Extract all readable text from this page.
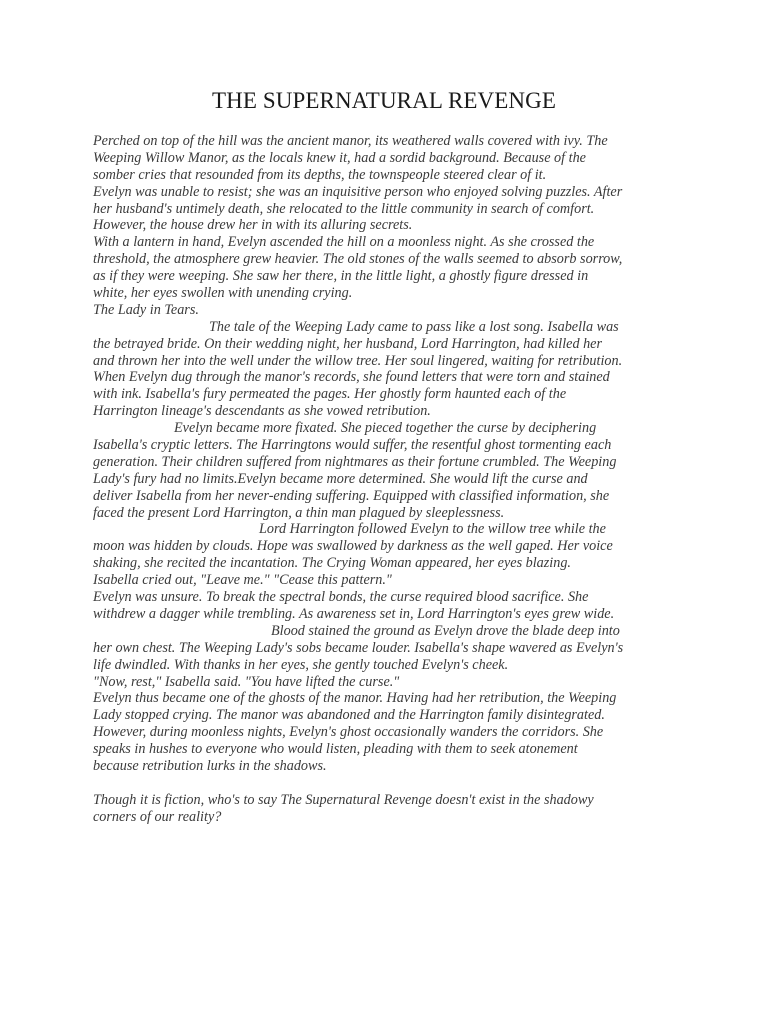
THE SUPERNATURAL REVENGE
Perched on top of the hill was the ancient manor, its weathered walls covered with ivy. The
Weeping Willow Manor, as the locals knew it, had a sordid background. Because of the
somber cries that resounded from its depths, the townspeople steered clear of it.
Evelyn was unable to resist; she was an inquisitive person who enjoyed solving puzzles. After
her husband's untimely death, she relocated to the little community in search of comfort.
However, the house drew her in with its alluring secrets.
With a lantern in hand, Evelyn ascended the hill on a moonless night. As she crossed the
threshold, the atmosphere grew heavier. The old stones of the walls seemed to absorb sorrow,
as if they were weeping. She saw her there, in the little light, a ghostly figure dressed in
white, her eyes swollen with unending crying.
The Lady in Tears.
The tale of the Weeping Lady came to pass like a lost song. Isabella was
the betrayed bride. On their wedding night, her husband, Lord Harrington, had killed her
and thrown her into the well under the willow tree. Her soul lingered, waiting for retribution.
When Evelyn dug through the manor's records, she found letters that were torn and stained
with ink. Isabella's fury permeated the pages. Her ghostly form haunted each of the
Harrington lineage's descendants as she vowed retribution.
Evelyn became more fixated. She pieced together the curse by deciphering
Isabella's cryptic letters. The Harringtons would suffer, the resentful ghost tormenting each
generation. Their children suffered from nightmares as their fortune crumbled. The Weeping
Lady's fury had no limits.Evelyn became more determined. She would lift the curse and
deliver Isabella from her never-ending suffering. Equipped with classified information, she
faced the present Lord Harrington, a thin man plagued by sleeplessness.
Lord Harrington followed Evelyn to the willow tree while the
moon was hidden by clouds. Hope was swallowed by darkness as the well gaped. Her voice
shaking, she recited the incantation. The Crying Woman appeared, her eyes blazing.
Isabella cried out, "Leave me." "Cease this pattern."
Evelyn was unsure. To break the spectral bonds, the curse required blood sacrifice. She
withdrew a dagger while trembling. As awareness set in, Lord Harrington's eyes grew wide.
Blood stained the ground as Evelyn drove the blade deep into
her own chest. The Weeping Lady's sobs became louder. Isabella's shape wavered as Evelyn's
life dwindled. With thanks in her eyes, she gently touched Evelyn's cheek.
"Now, rest," Isabella said. "You have lifted the curse."
Evelyn thus became one of the ghosts of the manor. Having had her retribution, the Weeping
Lady stopped crying. The manor was abandoned and the Harrington family disintegrated.
However, during moonless nights, Evelyn's ghost occasionally wanders the corridors. She
speaks in hushes to everyone who would listen, pleading with them to seek atonement
because retribution lurks in the shadows.
Though it is fiction, who's to say The Supernatural Revenge doesn't exist in the shadowy
corners of our reality?
